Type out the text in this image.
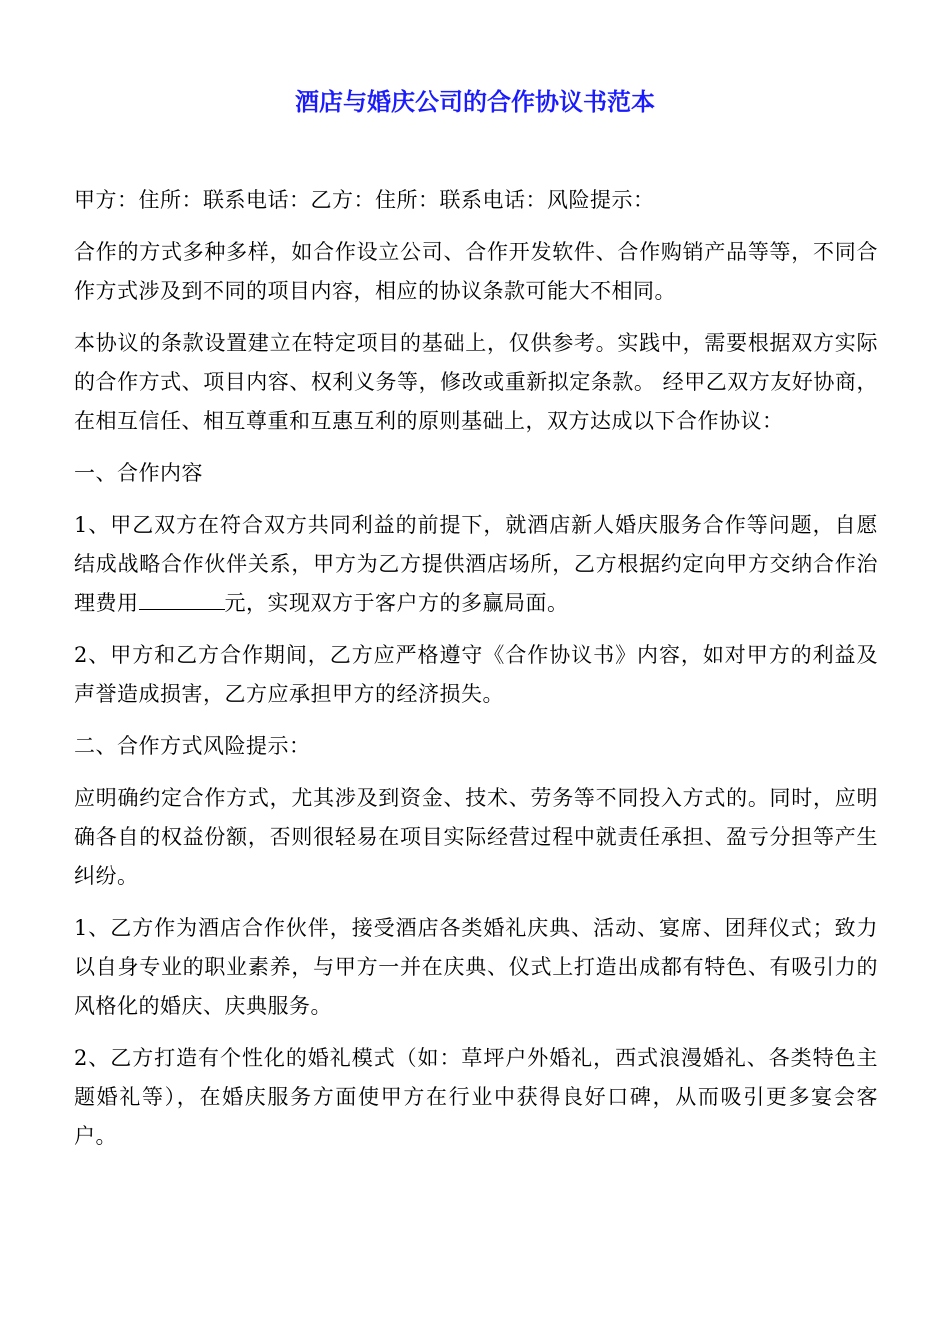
酒店与婚庆公司的合作协议书范本

甲方：住所：联系电话：乙方：住所：联系电话：风险提示：

合作的方式多种多样，如合作设立公司、合作开发软件、合作购销产品等等，不同合作方式涉及到不同的项目内容，相应的协议条款可能大不相同。

本协议的条款设置建立在特定项目的基础上，仅供参考。实践中，需要根据双方实际的合作方式、项目内容、权利义务等，修改或重新拟定条款。 经甲乙双方友好协商，在相互信任、相互尊重和互惠互利的原则基础上，双方达成以下合作协议：

一、合作内容

1、甲乙双方在符合双方共同利益的前提下，就酒店新人婚庆服务合作等问题，自愿结成战略合作伙伴关系，甲方为乙方提供酒店场所，乙方根据约定向甲方交纳合作治理费用	元，实现双方于客户方的多赢局面。

2、甲方和乙方合作期间，乙方应严格遵守《合作协议书》内容，如对甲方的利益及声誉造成损害，乙方应承担甲方的经济损失。

二、合作方式风险提示：

应明确约定合作方式，尤其涉及到资金、技术、劳务等不同投入方式的。同时，应明确各自的权益份额，否则很轻易在项目实际经营过程中就责任承担、盈亏分担等产生纠纷。

1、乙方作为酒店合作伙伴，接受酒店各类婚礼庆典、活动、宴席、团拜仪式；致力以自身专业的职业素养，与甲方一并在庆典、仪式上打造出成都有特色、有吸引力的风格化的婚庆、庆典服务。

2、乙方打造有个性化的婚礼模式（如：草坪户外婚礼，西式浪漫婚礼、各类特色主题婚礼等），在婚庆服务方面使甲方在行业中获得良好口碑，从而吸引更多宴会客户。
